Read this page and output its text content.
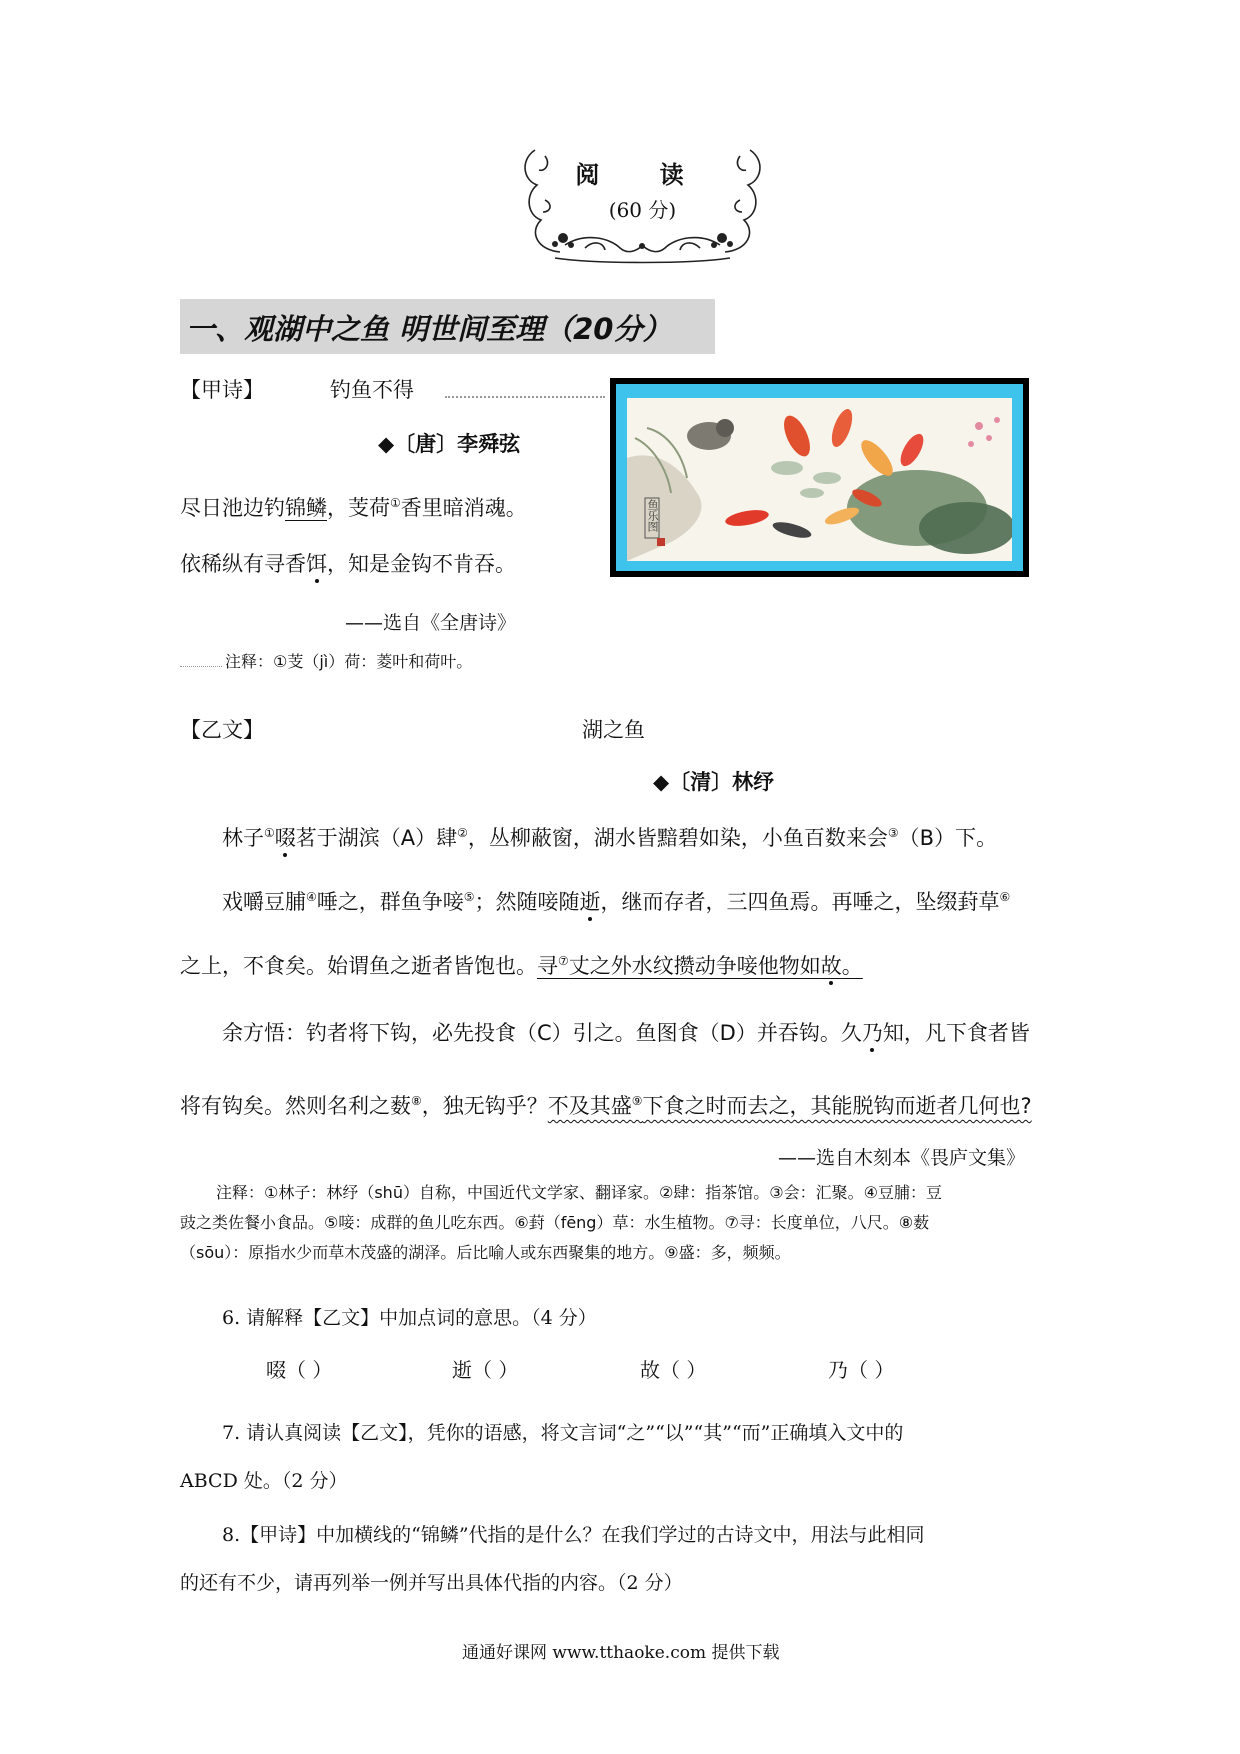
阅 读
(60 分)
一、观湖中之鱼 明世间至理（20分）
【甲诗】	钓鱼不得
◆〔唐〕李舜弦
尽日池边钓锦鳞，芰荷①香里暗消魂。
依稀纵有寻香饵，知是金钩不肯吞。
——选自《全唐诗》
注释：①芰（jì）荷：菱叶和荷叶。
鱼乐图
【乙文】	湖之鱼
◆〔清〕林纾
林子①啜茗于湖滨（A）肆②，丛柳蔽窗，湖水皆黯碧如染，小鱼百数来会③（B）下。
戏嚼豆脯④唾之，群鱼争唼⑤；然随唼随逝，继而存者，三四鱼焉。再唾之，坠缀葑草⑥
之上，不食矣。始谓鱼之逝者皆饱也。寻⑦丈之外水纹攒动争唼他物如故。
余方悟：钓者将下钩，必先投食（C）引之。鱼图食（D）并吞钩。久乃知，凡下食者皆
将有钩矣。然则名利之薮⑧，独无钩乎？不及其盛⑨下食之时而去之，其能脱钩而逝者几何也?
——选自木刻本《畏庐文集》
注释：①林子：林纾（shū）自称，中国近代文学家、翻译家。②肆：指茶馆。③会：汇聚。④豆脯：豆
豉之类佐餐小食品。⑤唼：成群的鱼儿吃东西。⑥葑（fēng）草：水生植物。⑦寻：长度单位，八尺。⑧薮
（sōu）：原指水少而草木茂盛的湖泽。后比喻人或东西聚集的地方。⑨盛：多，频频。
6. 请解释【乙文】中加点词的意思。（4 分）
啜（ ）	逝（ ）	故（ ）	乃（ ）
7. 请认真阅读【乙文】，凭你的语感，将文言词“之”“以”“其”“而”正确填入文中的
ABCD 处。（2 分）
8.【甲诗】中加横线的“锦鳞”代指的是什么？在我们学过的古诗文中，用法与此相同
的还有不少，请再列举一例并写出具体代指的内容。（2 分）
通通好课网 www.tthaoke.com 提供下载
